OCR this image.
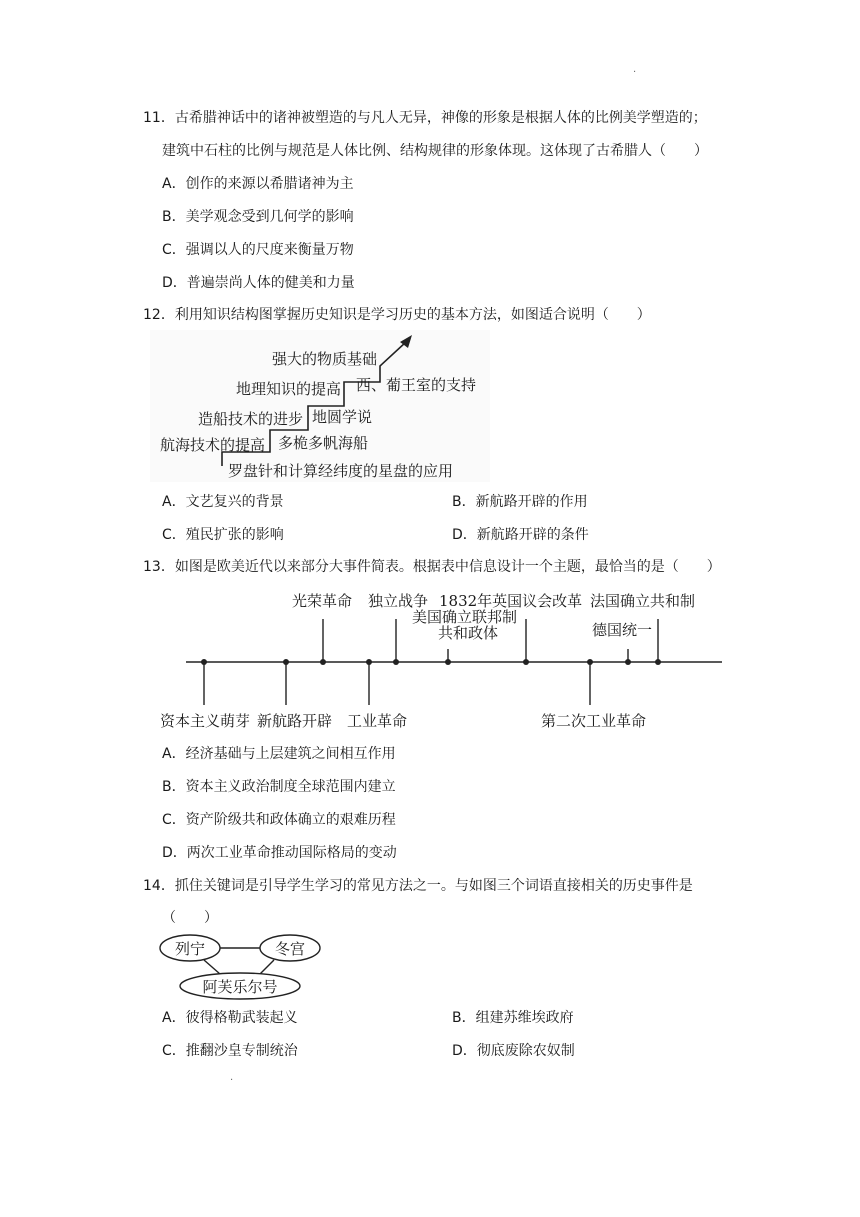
.
11．古希腊神话中的诸神被塑造的与凡人无异，神像的形象是根据人体的比例美学塑造的；
建筑中石柱的比例与规范是人体比例、结构规律的形象体现。这体现了古希腊人（　　）
A．创作的来源以希腊诸神为主
B．美学观念受到几何学的影响
C．强调以人的尺度来衡量万物
D．普遍崇尚人体的健美和力量
12．利用知识结构图掌握历史知识是学习历史的基本方法，如图适合说明（　　）
强大的物质基础
地理知识的提高 西、葡王室的支持
造船技术的进步 地圆学说
航海技术的提高 多桅多帆海船
罗盘针和计算经纬度的星盘的应用
A．文艺复兴的背景	B．新航路开辟的作用
C．殖民扩张的影响	D．新航路开辟的条件
13．如图是欧美近代以来部分大事件简表。根据表中信息设计一个主题，最恰当的是（　　）
光荣革命 独立战争 1832年英国议会改革
美国确立联邦制
共和政体
法国确立共和制
德国统一
资本主义萌芽 新航路开辟 工业革命	第二次工业革命
A．经济基础与上层建筑之间相互作用
B．资本主义政治制度全球范围内建立
C．资产阶级共和政体确立的艰难历程
D．两次工业革命推动国际格局的变动
14．抓住关键词是引导学生学习的常见方法之一。与如图三个词语直接相关的历史事件是
（　　）
列宁	冬宫
阿芙乐尔号
A．彼得格勒武装起义	B．组建苏维埃政府
C．推翻沙皇专制统治	D．彻底废除农奴制
.
